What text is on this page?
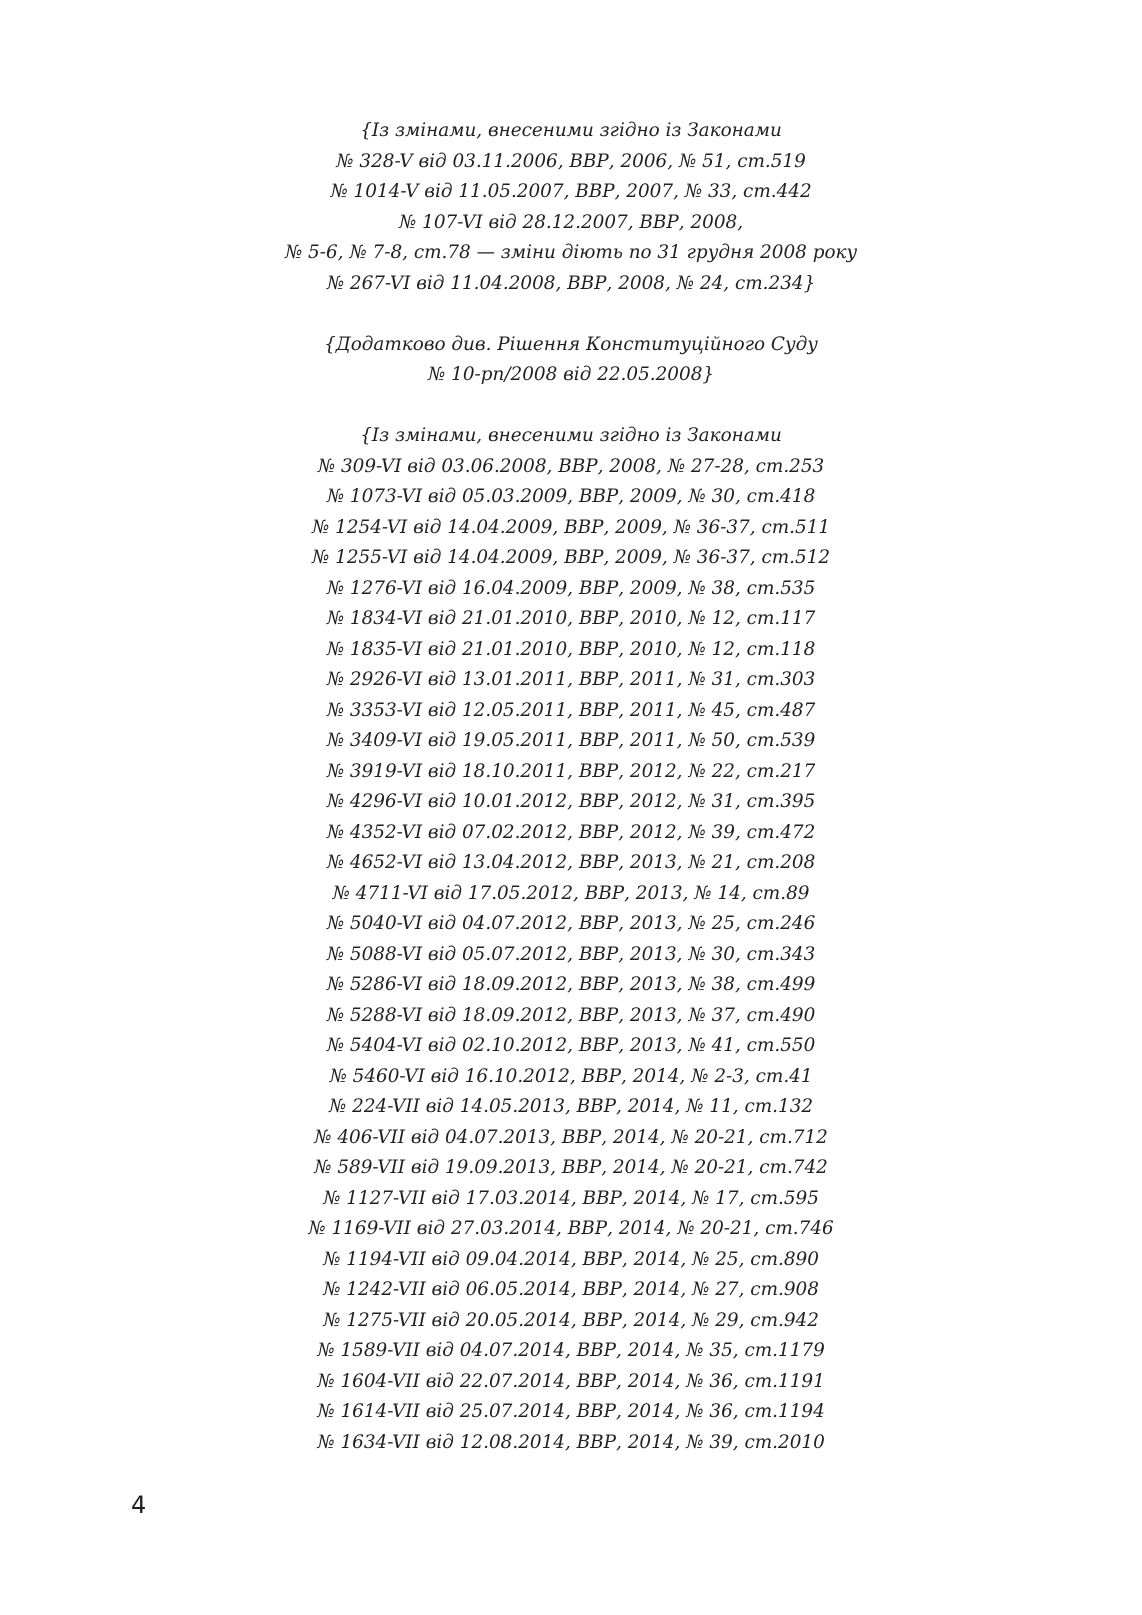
{Із змінами, внесеними згідно із Законами
№ 328-V від 03.11.2006, ВВР, 2006, № 51, ст.519
№ 1014-V від 11.05.2007, ВВР, 2007, № 33, ст.442
№ 107-VI від 28.12.2007, ВВР, 2008,
№ 5-6, № 7-8, ст.78 — зміни діють по 31 грудня 2008 року
№ 267-VI від 11.04.2008, ВВР, 2008, № 24, ст.234}
{Додатково див. Рішення Конституційного Суду
№ 10-рп/2008 від 22.05.2008}
{Із змінами, внесеними згідно із Законами
№ 309-VI від 03.06.2008, ВВР, 2008, № 27-28, ст.253
№ 1073-VI від 05.03.2009, ВВР, 2009, № 30, ст.418
№ 1254-VI від 14.04.2009, ВВР, 2009, № 36-37, ст.511
№ 1255-VI від 14.04.2009, ВВР, 2009, № 36-37, ст.512
№ 1276-VI від 16.04.2009, ВВР, 2009, № 38, ст.535
№ 1834-VI від 21.01.2010, ВВР, 2010, № 12, ст.117
№ 1835-VI від 21.01.2010, ВВР, 2010, № 12, ст.118
№ 2926-VI від 13.01.2011, ВВР, 2011, № 31, ст.303
№ 3353-VI від 12.05.2011, ВВР, 2011, № 45, ст.487
№ 3409-VI від 19.05.2011, ВВР, 2011, № 50, ст.539
№ 3919-VI від 18.10.2011, ВВР, 2012, № 22, ст.217
№ 4296-VI від 10.01.2012, ВВР, 2012, № 31, ст.395
№ 4352-VI від 07.02.2012, ВВР, 2012, № 39, ст.472
№ 4652-VI від 13.04.2012, ВВР, 2013, № 21, ст.208
№ 4711-VI від 17.05.2012, ВВР, 2013, № 14, ст.89
№ 5040-VI від 04.07.2012, ВВР, 2013, № 25, ст.246
№ 5088-VI від 05.07.2012, ВВР, 2013, № 30, ст.343
№ 5286-VI від 18.09.2012, ВВР, 2013, № 38, ст.499
№ 5288-VI від 18.09.2012, ВВР, 2013, № 37, ст.490
№ 5404-VI від 02.10.2012, ВВР, 2013, № 41, ст.550
№ 5460-VI від 16.10.2012, ВВР, 2014, № 2-3, ст.41
№ 224-VII від 14.05.2013, ВВР, 2014, № 11, ст.132
№ 406-VII від 04.07.2013, ВВР, 2014, № 20-21, ст.712
№ 589-VII від 19.09.2013, ВВР, 2014, № 20-21, ст.742
№ 1127-VII від 17.03.2014, ВВР, 2014, № 17, ст.595
№ 1169-VII від 27.03.2014, ВВР, 2014, № 20-21, ст.746
№ 1194-VII від 09.04.2014, ВВР, 2014, № 25, ст.890
№ 1242-VII від 06.05.2014, ВВР, 2014, № 27, ст.908
№ 1275-VII від 20.05.2014, ВВР, 2014, № 29, ст.942
№ 1589-VII від 04.07.2014, ВВР, 2014, № 35, ст.1179
№ 1604-VII від 22.07.2014, ВВР, 2014, № 36, ст.1191
№ 1614-VII від 25.07.2014, ВВР, 2014, № 36, ст.1194
№ 1634-VII від 12.08.2014, ВВР, 2014, № 39, ст.2010
4
